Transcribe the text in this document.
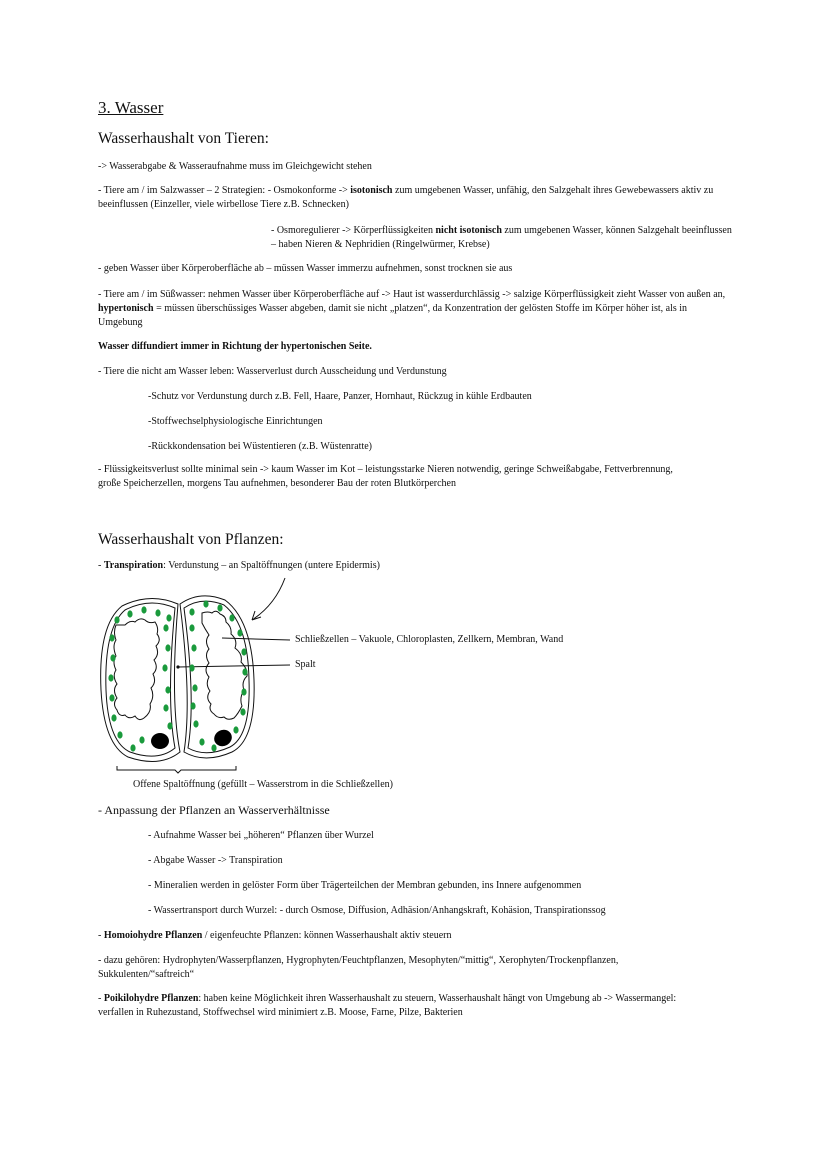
3. Wasser
Wasserhaushalt von Tieren:

-> Wasserabgabe & Wasseraufnahme muss im Gleichgewicht stehen

- Tiere am / im Salzwasser – 2 Strategien: - Osmokonforme -> isotonisch zum umgebenen Wasser, unfähig, den Salzgehalt ihres Gewebewassers aktiv zu beeinflussen (Einzeller, viele wirbellose Tiere z.B. Schnecken)

- Osmoregulierer -> Körperflüssigkeiten nicht isotonisch zum umgebenen Wasser, können Salzgehalt beeinflussen – haben Nieren & Nephridien (Ringelwürmer, Krebse)

- geben Wasser über Körperoberfläche ab – müssen Wasser immerzu aufnehmen, sonst trocknen sie aus

- Tiere am / im Süßwasser: nehmen Wasser über Körperoberfläche auf -> Haut ist wasserdurchlässig -> salzige Körperflüssigkeit zieht Wasser von außen an, hypertonisch = müssen überschüssiges Wasser abgeben, damit sie nicht „platzen“, da Konzentration der gelösten Stoffe im Körper höher ist, als in Umgebung

Wasser diffundiert immer in Richtung der hypertonischen Seite.

- Tiere die nicht am Wasser leben: Wasserverlust durch Ausscheidung und Verdunstung

-Schutz vor Verdunstung durch z.B. Fell, Haare, Panzer, Hornhaut, Rückzug in kühle Erdbauten

-Stoffwechselphysiologische Einrichtungen

-Rückkondensation bei Wüstentieren (z.B. Wüstenratte)

- Flüssigkeitsverlust sollte minimal sein -> kaum Wasser im Kot – leistungsstarke Nieren notwendig, geringe Schweißabgabe, Fettverbrennung, große Speicherzellen, morgens Tau aufnehmen, besonderer Bau der roten Blutkörperchen

Wasserhaushalt von Pflanzen:

- Transpiration: Verdunstung – an Spaltöffnungen (untere Epidermis)

Schließzellen – Vakuole, Chloroplasten, Zellkern, Membran, Wand

Spalt

Offene Spaltöffnung (gefüllt – Wasserstrom in die Schließzellen)

- Anpassung der Pflanzen an Wasserverhältnisse

- Aufnahme Wasser bei „höheren“ Pflanzen über Wurzel

- Abgabe Wasser -> Transpiration

- Mineralien werden in gelöster Form über Trägerteilchen der Membran gebunden, ins Innere aufgenommen

- Wassertransport durch Wurzel: - durch Osmose, Diffusion, Adhäsion/Anhangskraft, Kohäsion, Transpirationssog

- Homoiohydre Pflanzen / eigenfeuchte Pflanzen: können Wasserhaushalt aktiv steuern

- dazu gehören: Hydrophyten/Wasserpflanzen, Hygrophyten/Feuchtpflanzen, Mesophyten/“mittig“, Xerophyten/Trockenpflanzen, Sukkulenten/“saftreich“

- Poikilohydre Pflanzen: haben keine Möglichkeit ihren Wasserhaushalt zu steuern, Wasserhaushalt hängt von Umgebung ab -> Wassermangel: verfallen in Ruhezustand, Stoffwechsel wird minimiert z.B. Moose, Farne, Pilze, Bakterien
